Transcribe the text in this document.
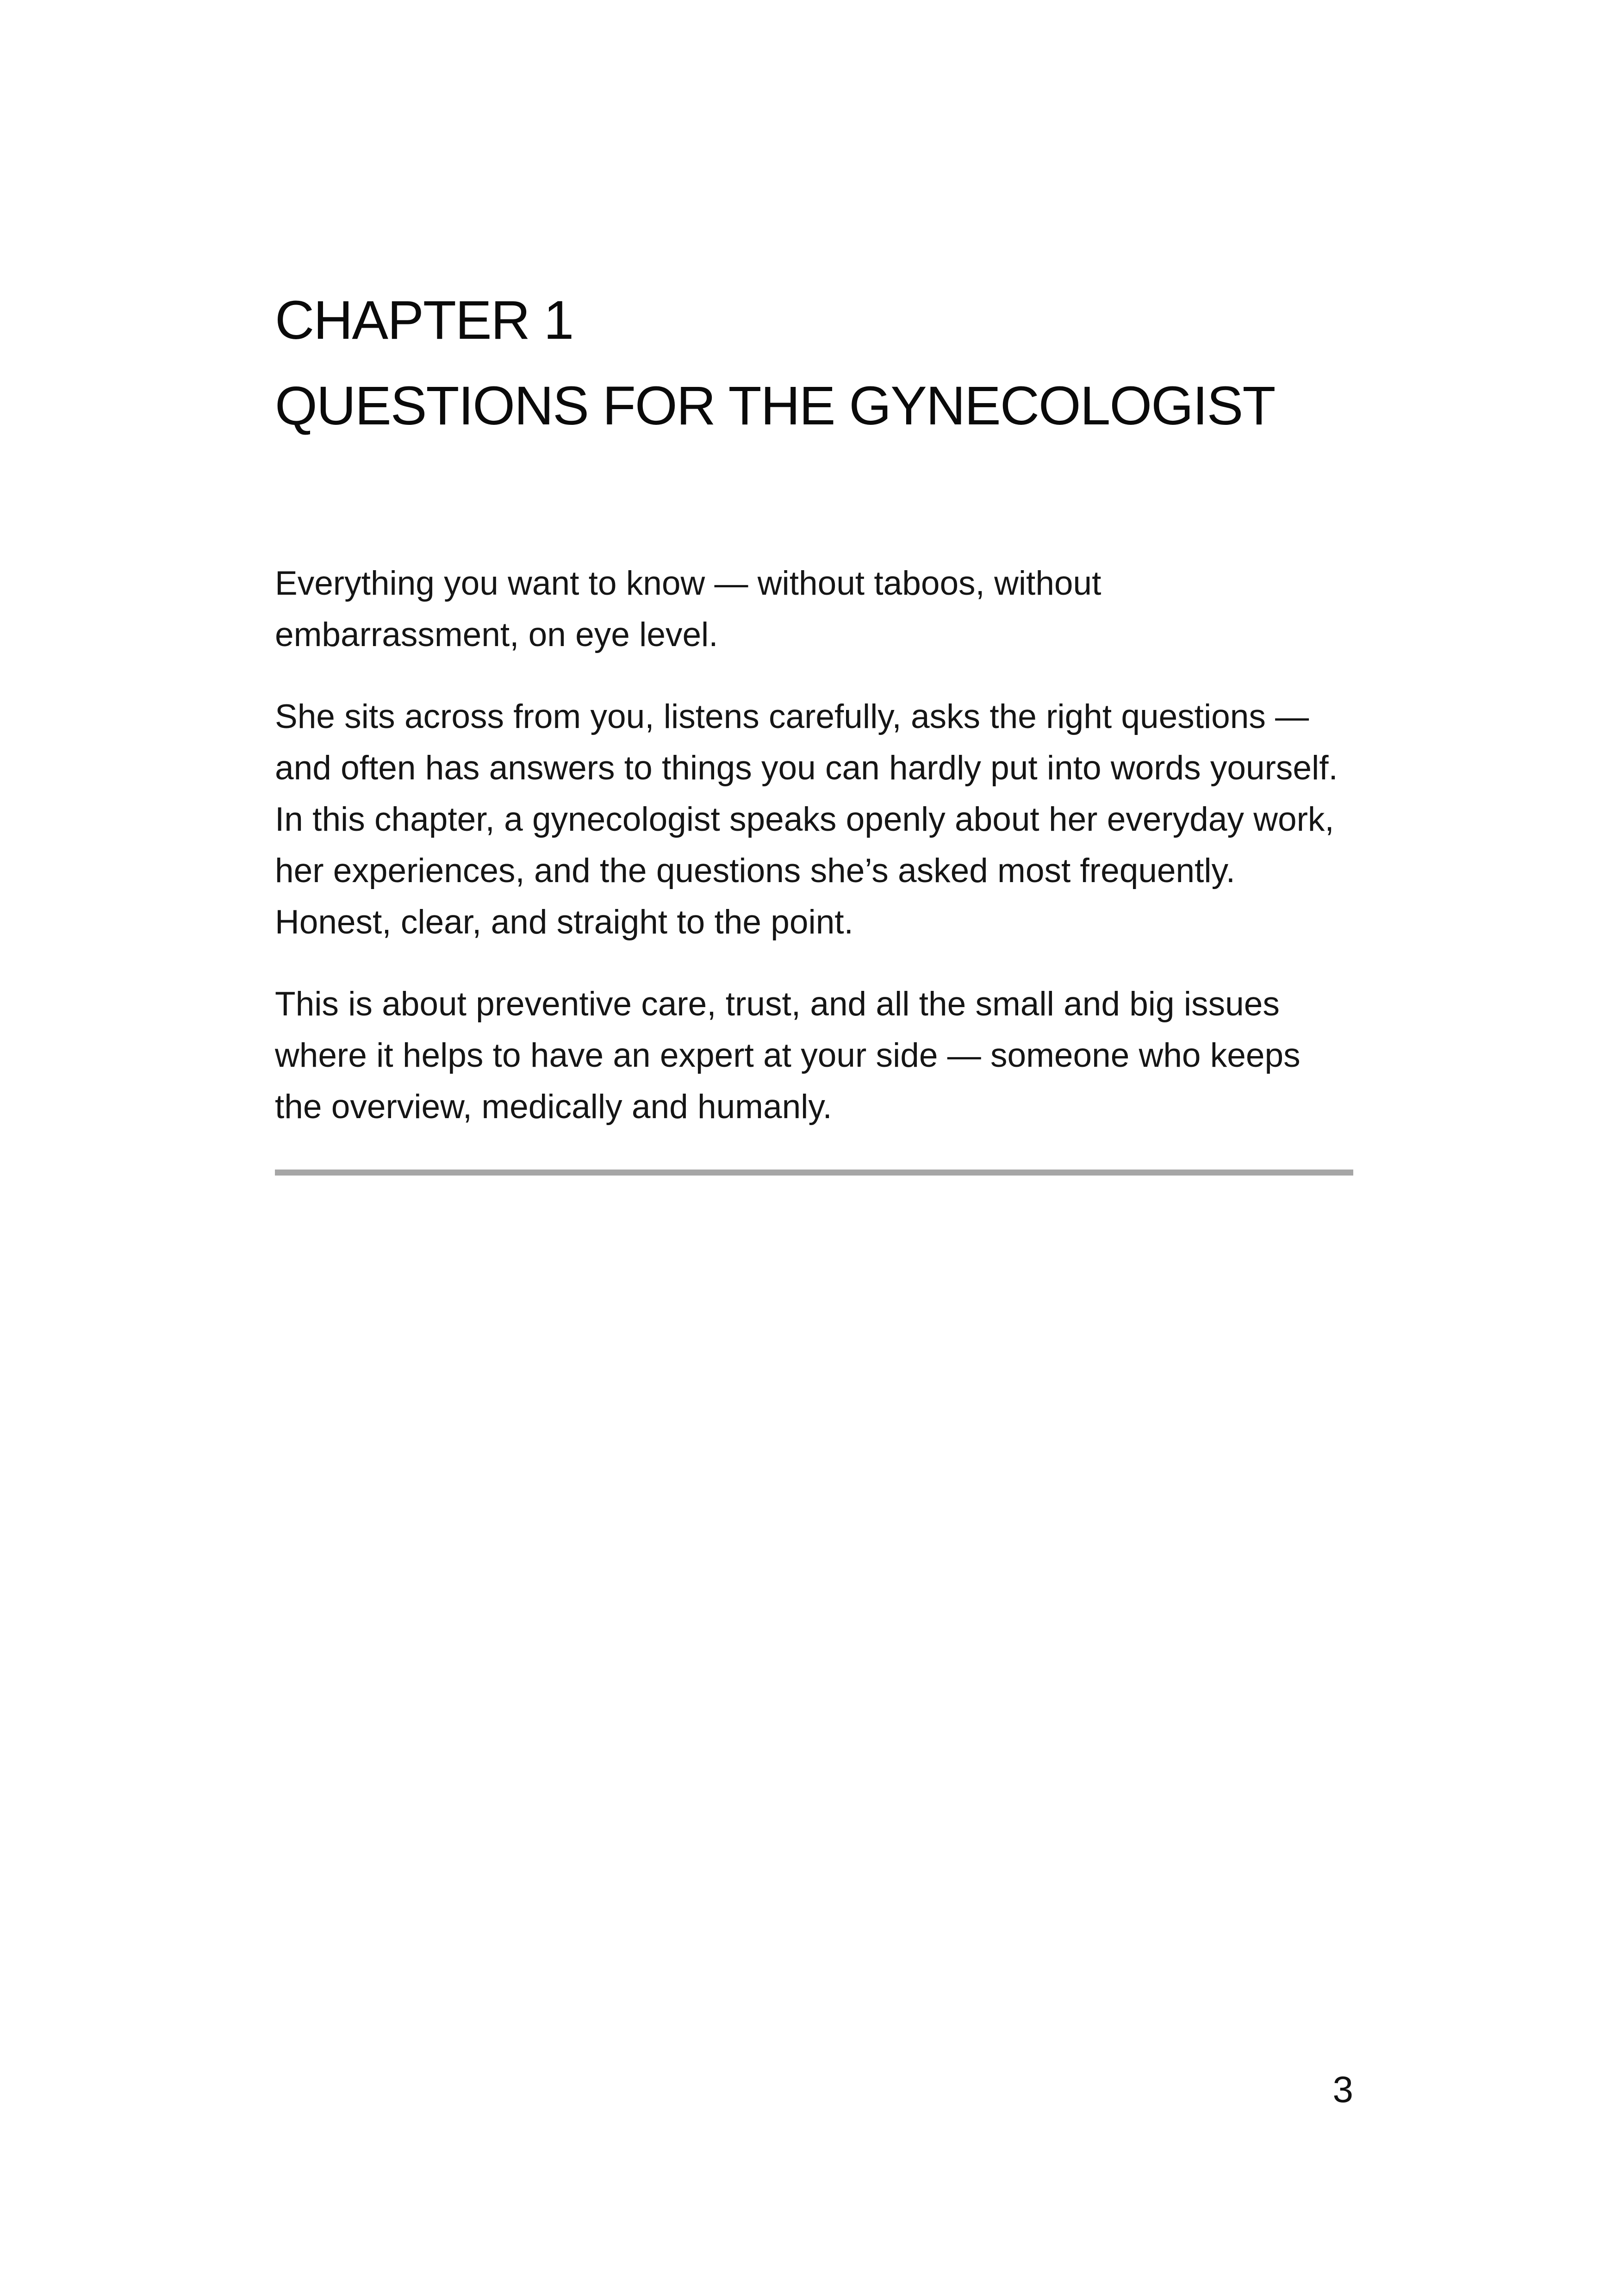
CHAPTER 1
QUESTIONS FOR THE GYNECOLOGIST

Everything you want to know — without taboos, without embarrassment, on eye level.

She sits across from you, listens carefully, asks the right questions — and often has answers to things you can hardly put into words yourself. In this chapter, a gynecologist speaks openly about her everyday work, her experiences, and the questions she’s asked most frequently. Honest, clear, and straight to the point.

This is about preventive care, trust, and all the small and big issues where it helps to have an expert at your side — someone who keeps the overview, medically and humanly.

3
